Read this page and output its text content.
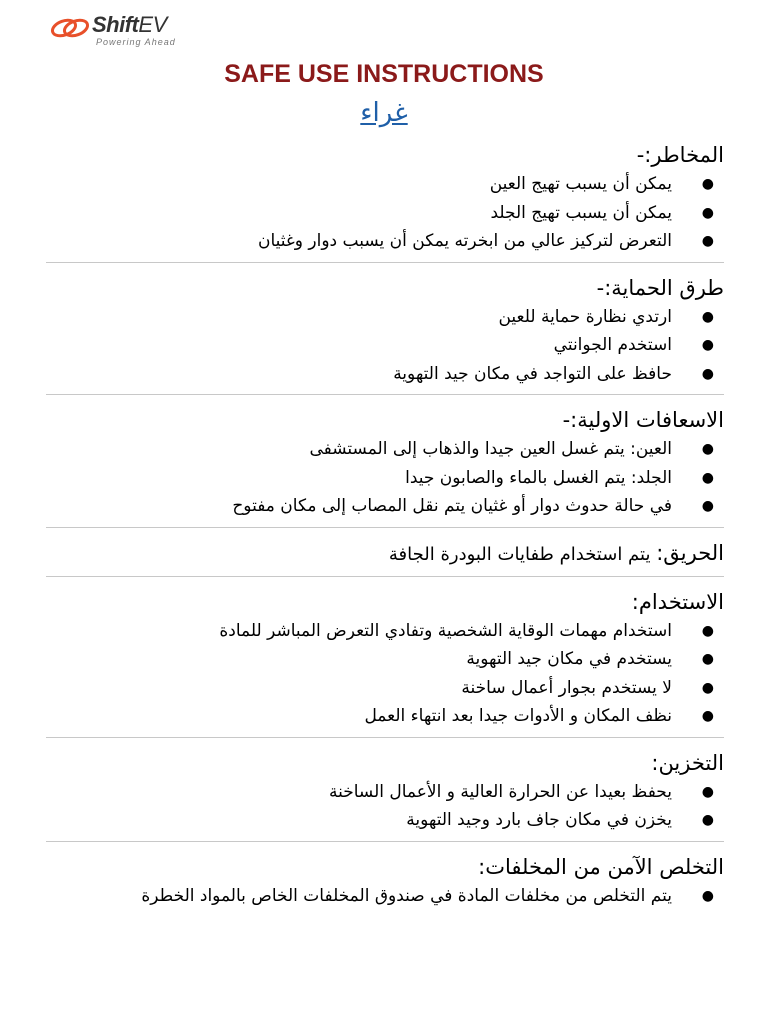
ShiftEV
Powering Ahead
SAFE USE INSTRUCTIONS
غراء
المخاطر:-
●
يمكن أن يسبب تهيج العين
●
يمكن أن يسبب تهيج الجلد
●
التعرض لتركيز عالي من ابخرته يمكن أن يسبب دوار وغثيان
طرق الحماية:-
●
ارتدي نظارة حماية للعين
●
استخدم الجوانتي
●
حافظ على التواجد في مكان جيد التهوية
الاسعافات الاولية:-
●
العين: يتم غسل العين جيدا والذهاب إلى المستشفى
●
الجلد: يتم الغسل بالماء والصابون جيدا
●
في حالة حدوث دوار أو غثيان يتم نقل المصاب إلى مكان مفتوح
الحريق: يتم استخدام طفايات البودرة الجافة
الاستخدام:
●
استخدام مهمات الوقاية الشخصية وتفادي التعرض المباشر للمادة
●
يستخدم في مكان جيد التهوية
●
لا يستخدم بجوار أعمال ساخنة
●
نظف المكان و الأدوات جيدا بعد انتهاء العمل
التخزين:
●
يحفظ بعيدا عن الحرارة العالية و الأعمال الساخنة
●
يخزن في مكان جاف بارد وجيد التهوية
التخلص الآمن من المخلفات:
●
يتم التخلص من مخلفات المادة في صندوق المخلفات الخاص بالمواد الخطرة
